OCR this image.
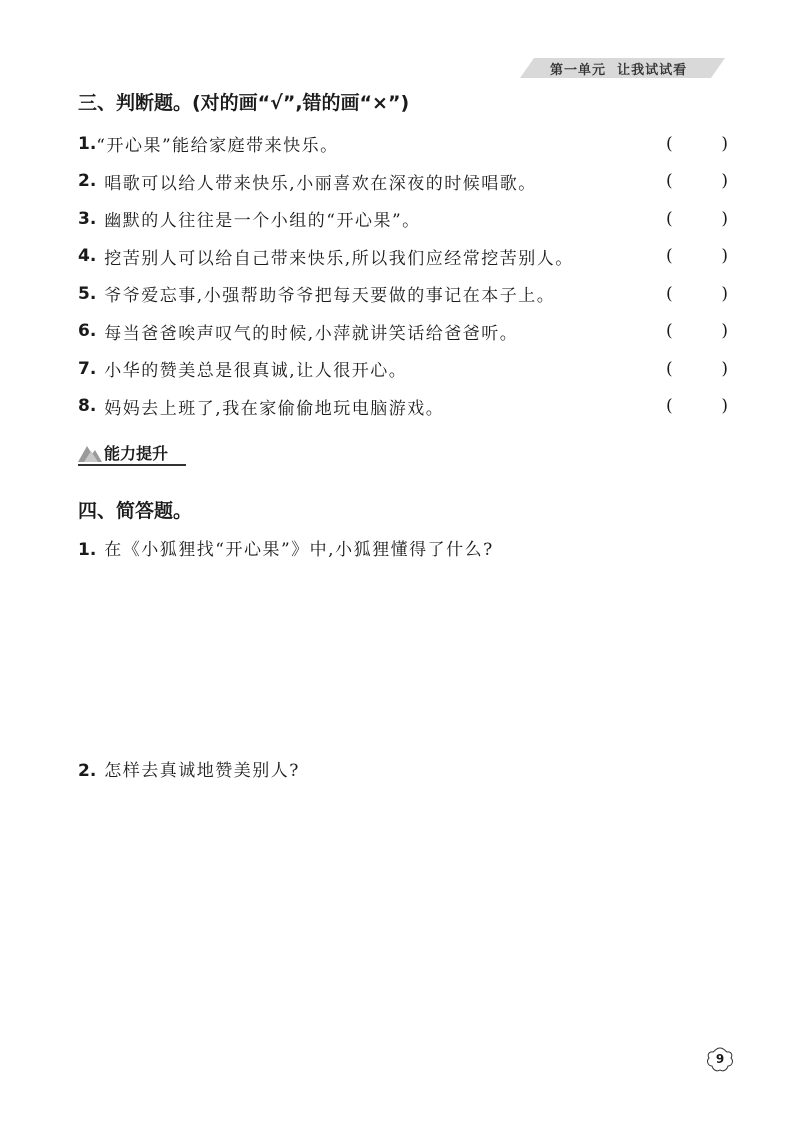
第一单元 让我试试看
三、判断题。(对的画“√”,错的画“×”)
1. “开心果”能给家庭带来快乐。	(	)
2. 唱歌可以给人带来快乐,小丽喜欢在深夜的时候唱歌。	(	)
3. 幽默的人往往是一个小组的“开心果”。	(	)
4. 挖苦别人可以给自己带来快乐,所以我们应经常挖苦别人。	(	)
5. 爷爷爱忘事,小强帮助爷爷把每天要做的事记在本子上。	(	)
6. 每当爸爸唉声叹气的时候,小萍就讲笑话给爸爸听。	(	)
7. 小华的赞美总是很真诚,让人很开心。	(	)
8. 妈妈去上班了,我在家偷偷地玩电脑游戏。	(	)
能力提升
四、简答题。
1. 在《小狐狸找“开心果”》中,小狐狸懂得了什么?
2. 怎样去真诚地赞美别人?
9
